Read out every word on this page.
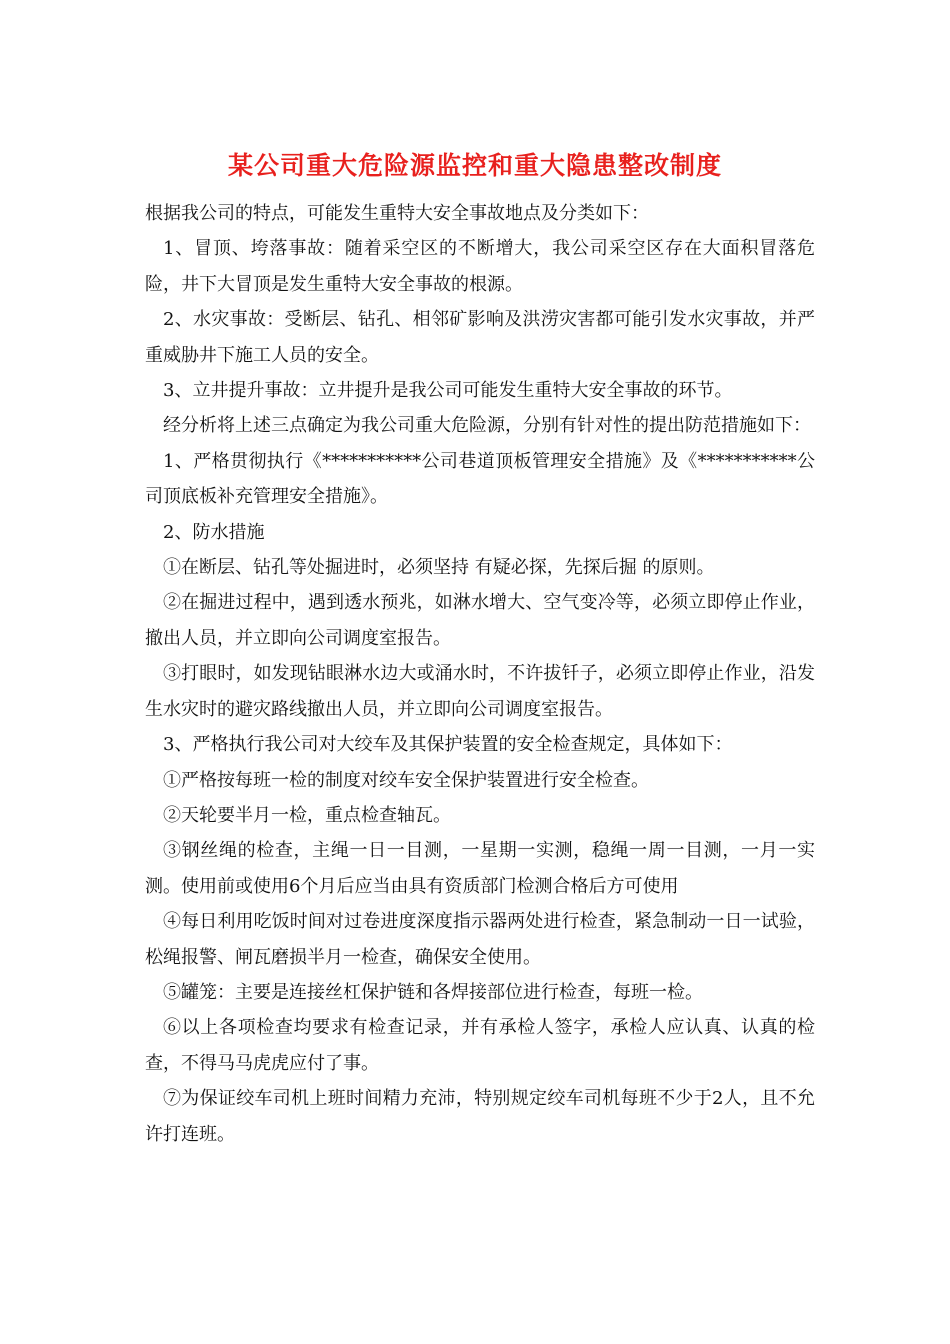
某公司重大危险源监控和重大隐患整改制度

根据我公司的特点，可能发生重特大安全事故地点及分类如下：

1、冒顶、垮落事故：随着采空区的不断增大，我公司采空区存在大面积冒落危险，井下大冒顶是发生重特大安全事故的根源。

2、水灾事故：受断层、钻孔、相邻矿影响及洪涝灾害都可能引发水灾事故，并严重威胁井下施工人员的安全。

3、立井提升事故：立井提升是我公司可能发生重特大安全事故的环节。

经分析将上述三点确定为我公司重大危险源，分别有针对性的提出防范措施如下：

1、严格贯彻执行《***********公司巷道顶板管理安全措施》及《***********公司顶底板补充管理安全措施》。

2、防水措施

①在断层、钻孔等处掘进时，必须坚持 有疑必探，先探后掘 的原则。

②在掘进过程中，遇到透水预兆，如淋水增大、空气变冷等，必须立即停止作业，撤出人员，并立即向公司调度室报告。

③打眼时，如发现钻眼淋水边大或涌水时，不许拔钎子，必须立即停止作业，沿发生水灾时的避灾路线撤出人员，并立即向公司调度室报告。

3、严格执行我公司对大绞车及其保护装置的安全检查规定，具体如下：

①严格按每班一检的制度对绞车安全保护装置进行安全检查。

②天轮要半月一检，重点检查轴瓦。

③钢丝绳的检查，主绳一日一目测，一星期一实测，稳绳一周一目测，一月一实测。使用前或使用6个月后应当由具有资质部门检测合格后方可使用

④每日利用吃饭时间对过卷进度深度指示器两处进行检查，紧急制动一日一试验，松绳报警、闸瓦磨损半月一检查，确保安全使用。

⑤罐笼：主要是连接丝杠保护链和各焊接部位进行检查，每班一检。

⑥以上各项检查均要求有检查记录，并有承检人签字，承检人应认真、认真的检查，不得马马虎虎应付了事。

⑦为保证绞车司机上班时间精力充沛，特别规定绞车司机每班不少于2人，且不允许打连班。
